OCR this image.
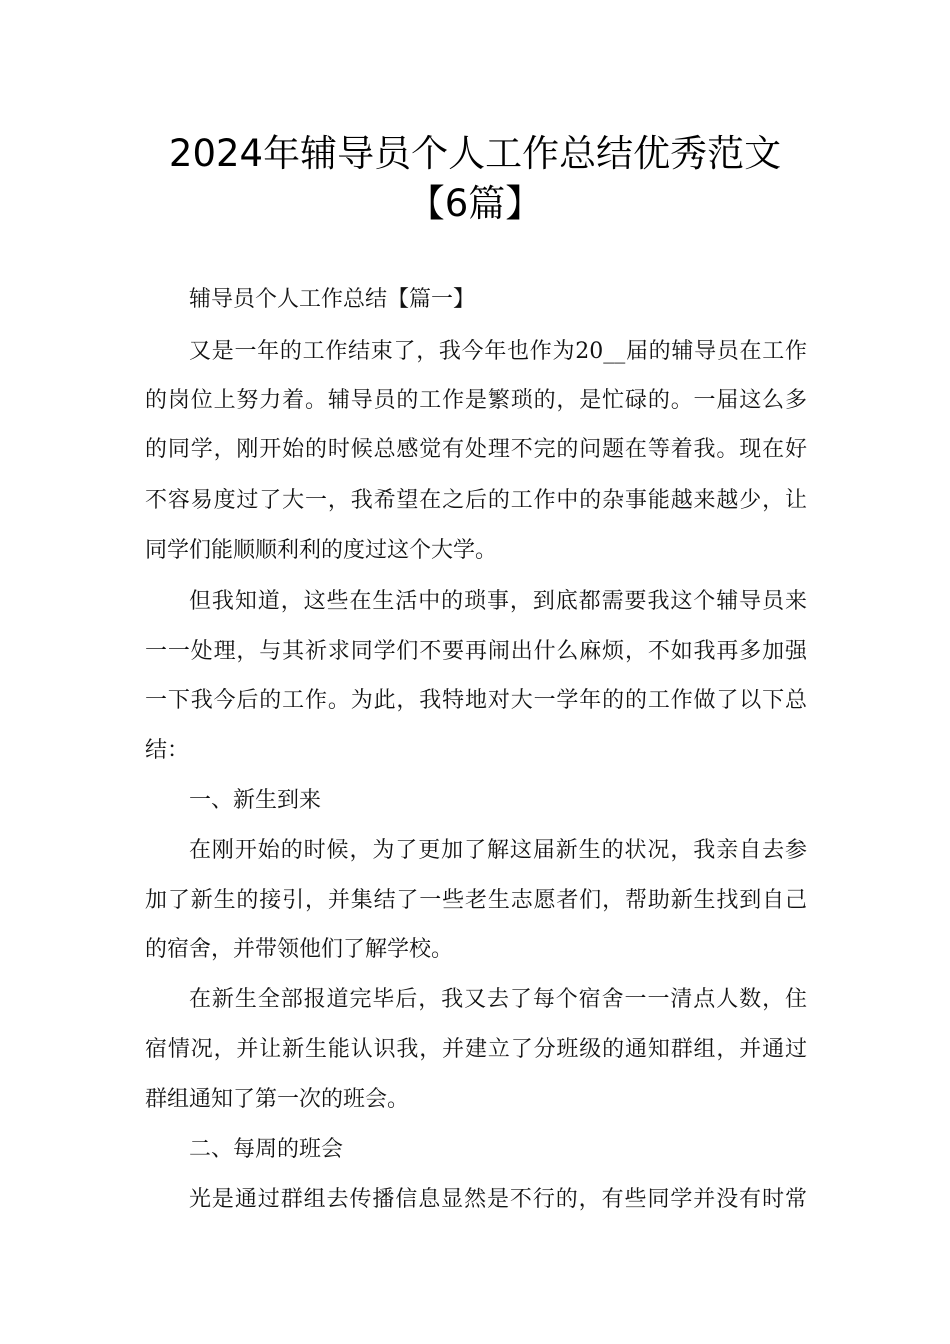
2024年辅导员个人工作总结优秀范文
【6篇】

辅导员个人工作总结【篇一】

又是一年的工作结束了，我今年也作为20__届的辅导员在工作

的岗位上努力着。辅导员的工作是繁琐的，是忙碌的。一届这么多

的同学，刚开始的时候总感觉有处理不完的问题在等着我。现在好

不容易度过了大一，我希望在之后的工作中的杂事能越来越少，让

同学们能顺顺利利的度过这个大学。

但我知道，这些在生活中的琐事，到底都需要我这个辅导员来

一一处理，与其祈求同学们不要再闹出什么麻烦，不如我再多加强

一下我今后的工作。为此，我特地对大一学年的的工作做了以下总

结：

一、新生到来

在刚开始的时候，为了更加了解这届新生的状况，我亲自去参

加了新生的接引，并集结了一些老生志愿者们，帮助新生找到自己

的宿舍，并带领他们了解学校。

在新生全部报道完毕后，我又去了每个宿舍一一清点人数，住

宿情况，并让新生能认识我，并建立了分班级的通知群组，并通过

群组通知了第一次的班会。

二、每周的班会

光是通过群组去传播信息显然是不行的，有些同学并没有时常
